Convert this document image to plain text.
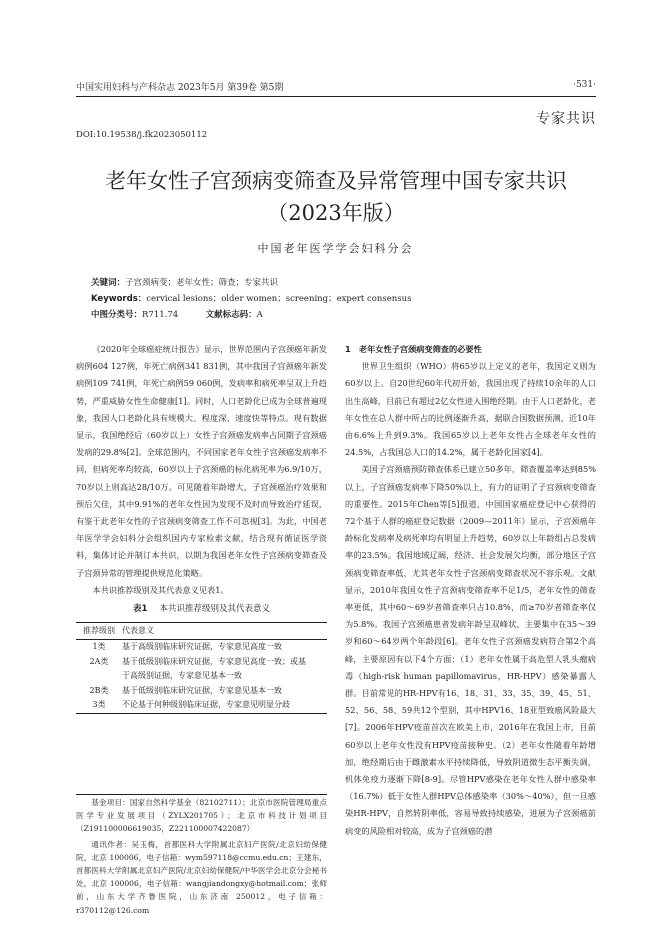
中国实用妇科与产科杂志 2023年5月 第39卷 第5期	·531·
专家共识
DOI:10.19538/j.fk2023050112
老年女性子宫颈病变筛查及异常管理中国专家共识
（2023年版）
中国老年医学学会妇科分会
关键词：子宫颈病变；老年女性；筛查；专家共识
Keywords：cervical lesions；older women；screening；expert consensus
中图分类号：R711.74	文献标志码：A

《2020年全球癌症统计报告》显示，世界范围内子宫颈癌年新发病例604 127例，年死亡病例341 831例，其中我国子宫颈癌年新发病例109 741例，年死亡病例59 060例，发病率和病死率呈双上升趋势，严重威胁女性生命健康[1]。同时，人口老龄化已成为全球普遍现象，我国人口老龄化具有规模大、程度深、速度快等特点。现有数据显示，我国绝经后（60岁以上）女性子宫颈癌发病率占同期子宫颈癌发病的29.8%[2]。全球范围内，不同国家老年女性子宫颈癌发病率不同，但病死率均较高，60岁以上子宫颈癌的标化病死率为6.9/10万，70岁以上则高达28/10万。可见随着年龄增大，子宫颈癌治疗效果和预后欠佳，其中9.91%的老年女性因为发现不及时而导致治疗延误，有鉴于此老年女性的子宫颈病变筛查工作不可忽视[3]。为此，中国老年医学学会妇科分会组织国内专家检索文献，结合现有循证医学资料，集体讨论并制订本共识，以期为我国老年女性子宫颈病变筛查及子宫颈异常的管理提供规范化策略。

本共识推荐级别及其代表意义见表1。

表1 本共识推荐级别及其代表意义
推荐级别	代表意义
1类	基于高级别临床研究证据，专家意见高度一致
2A类	基于低级别临床研究证据，专家意见高度一致；或基
	于高级别证据，专家意见基本一致
2B类	基于低级别临床研究证据，专家意见基本一致
3类	不论基于何种级别临床证据，专家意见明显分歧

基金项目：国家自然科学基金（82102711）；北京市医院管理局重点医学专业发展项目（ZYLX201705）；北京市科技计划项目（Z191100006619035，Z221100007422087）

通讯作者：吴玉梅，首都医科大学附属北京妇产医院/北京妇幼保健院，北京 100006，电子信箱：wym597118@ccmu.edu.cn；王建东，首都医科大学附属北京妇产医院/北京妇幼保健院/中华医学会北京分会秘书处，北京 100006，电子信箱：wangjiandongxy@hotmail.com；张师前，山东大学齐鲁医院，山东济南 250012，电子信箱：r370112@126.com

1　老年女性子宫颈病变筛查的必要性

世界卫生组织（WHO）将65岁以上定义的老年，我国定义则为60岁以上。自20世纪60年代初开始，我国出现了持续10余年的人口出生高峰，目前已有超过2亿女性进入围绝经期。由于人口老龄化，老年女性在总人群中所占的比例逐渐升高，据联合国数据预测，近10年由6.6%上升到9.3%。我国65岁以上老年女性占全球老年女性的24.5%，占我国总人口的14.2%，属于老龄化国家[4]。

美国子宫颈癌预防筛查体系已建立50多年，筛查覆盖率达到85%以上，子宫颈癌发病率下降50%以上，有力的证明了子宫颈病变筛查的重要性。2015年Chen等[5]报道，中国国家癌症登记中心获得的72个基于人群的癌症登记数据（2009—2011年）显示，子宫颈癌年龄标化发病率及病死率均有明显上升趋势，60岁以上年龄组占总发病率的23.5%。我国地域辽阔，经济、社会发展欠均衡，部分地区子宫颈病变筛查率低，尤其老年女性子宫颈病变筛查状况不容乐观。文献显示，2010年我国女性子宫颈病变筛查率不足1/5，老年女性的筛查率更低，其中60～69岁者筛查率只占10.8%，而≥70岁者筛查率仅为5.8%。我国子宫颈癌患者发病年龄呈双峰状，主要集中在35～39岁和60～64岁两个年龄段[6]。老年女性子宫颈癌发病符合第2个高峰，主要原因有以下4个方面：（1）老年女性属于高危型人乳头瘤病毒（high-risk human papillomavirus，HR-HPV）感染暴露人群。目前常见的HR-HPV有16、18、31、33、35、39、45、51、52、56、58、59共12个型别，其中HPV16、18亚型致癌风险最大[7]。2006年HPV疫苗首次在欧美上市，2016年在我国上市，目前60岁以上老年女性没有HPV疫苗接种史。（2）老年女性随着年龄增加，绝经期后由于雌激素水平持续降低，导致阴道微生态平衡失调，机体免疫力逐渐下降[8-9]。尽管HPV感染在老年女性人群中感染率（16.7%）低于女性人群HPV总体感染率（30%～40%），但一旦感染HR-HPV，自然转阴率低，容易导致持续感染，进展为子宫颈癌前病变的风险相对较高，成为子宫颈癌的潜
